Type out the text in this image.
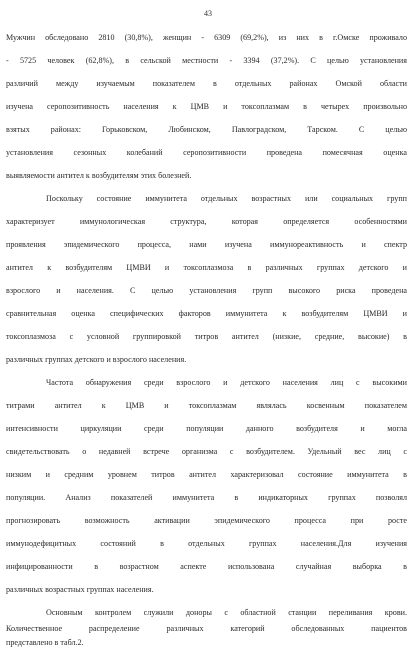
43
Мужчин обследовано 2810 (30,8%), женщин - 6309 (69,2%), из них в г.Омске проживало
- 5725 человек (62,8%), в сельской местности - 3394 (37,2%). С целью установления
различий между изучаемым показателем в отдельных районах Омской области
изучена серопозитивность населения к ЦМВ и токсоплазмам в четырех произвольно
взятых районах: Горьковском, Любинском, Павлоградском, Тарском. С целью
установления сезонных колебаний серопозитивности проведена помесячная оценка
выявляемости антител к возбудителям этих болезней.
Поскольку состояние иммунитета отдельных возрастных или социальных групп
характеризует иммунологическая структура, которая определяется особенностями
проявления эпидемического процесса, нами изучена иммунореактивность и спектр
антител к возбудителям ЦМВИ и токсоплазмоза в различных группах детского и
взрослого и населения. С целью установления групп высокого риска проведена
сравнительная оценка специфических факторов иммунитета к возбудителям ЦМВИ и
токсоплазмоза с условной группировкой титров антител (низкие, средние, высокие) в
различных группах детского и взрослого населения.
Частота обнаружения среди взрослого и детского населения лиц с высокими
титрами антител к ЦМВ и токсоплазмам являлась косвенным показателем
интенсивности циркуляции среди популяции данного возбудителя и могла
свидетельствовать о недавней встрече организма с возбудителем. Удельный вес лиц с
низким и средним уровнем титров антител характеризовал состояние иммунитета в
популяции. Анализ показателей иммунитета в индикаторных группах позволял
прогнозировать возможность активации эпидемического процесса при росте
иммунодефицитных состояний в отдельных группах населения.Для изучения
инфицированности в возрастном аспекте использована случайная выборка в
различных возрастных группах населения.
Основным контролем служили доноры с областной станции переливания крови.
Количественное распределение различных категорий обследованных пациентов
представлено в табл.2.
